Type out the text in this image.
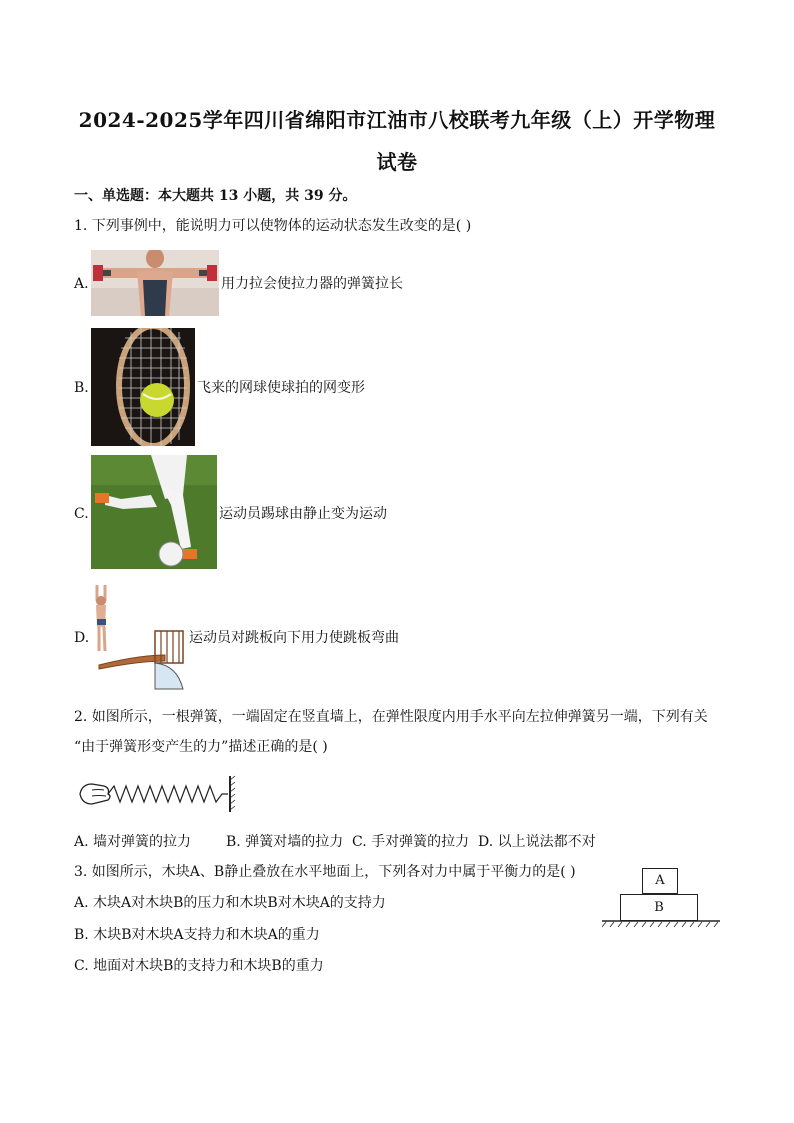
2024-2025学年四川省绵阳市江油市八校联考九年级（上）开学物理
试卷
一、单选题：本大题共 13 小题，共 39 分。
1. 下列事例中，能说明力可以使物体的运动状态发生改变的是( )
A.	用力拉会使拉力器的弹簧拉长
B.	飞来的网球使球拍的网变形
C.	运动员踢球由静止变为运动
D.	运动员对跳板向下用力使跳板弯曲
2. 如图所示，一根弹簧，一端固定在竖直墙上，在弹性限度内用手水平向左拉伸弹簧另一端，下列有关
“由于弹簧形变产生的力”描述正确的是( )
A. 墙对弹簧的拉力 B. 弹簧对墙的拉力 C. 手对弹簧的拉力 D. 以上说法都不对
3. 如图所示，木块A、B静止叠放在水平地面上，下列各对力中属于平衡力的是( )
A. 木块A对木块B的压力和木块B对木块A的支持力
B. 木块B对木块A支持力和木块A的重力
C. 地面对木块B的支持力和木块B的重力
A
B
